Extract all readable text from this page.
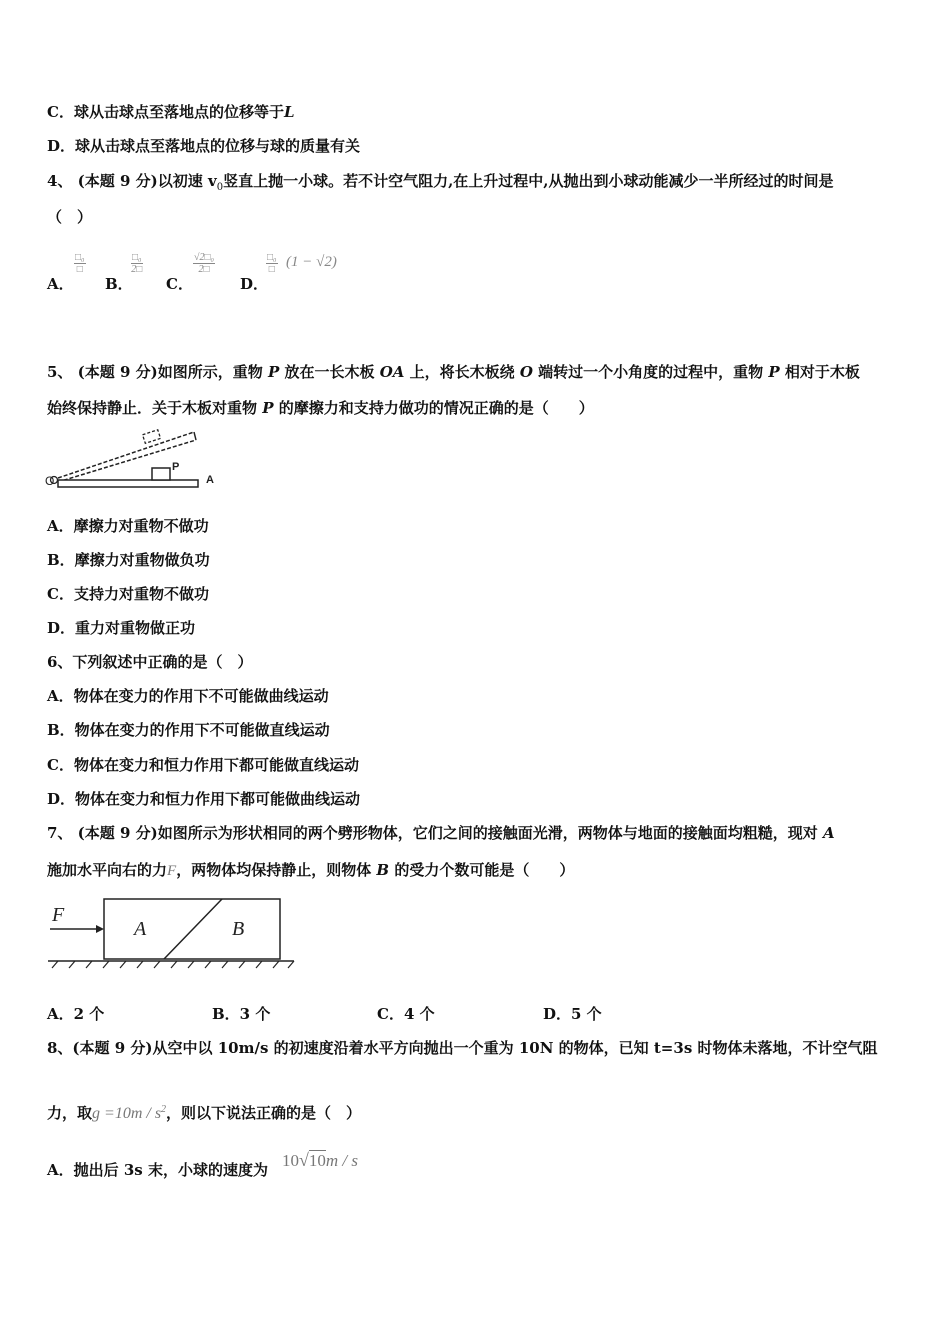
C．球从击球点至落地点的位移等于L
D．球从击球点至落地点的位移与球的质量有关
4、 (本题 9 分)以初速 $v_0$竖直上抛一小球。若不计空气阻力,在上升过程中,从抛出到小球动能减少一半所经过的时间是
（　）
A．
□₀
□
B．
□₀
2□
C．
$\frac{\text{√2□₀}}{2□}$
D．
□₀
□ (1 − √2)
5、 (本题 9 分)如图所示，重物 P 放在一长木板 OA 上，将长木板绕 O 端转过一个小角度的过程中，重物 P 相对于木板
始终保持静止．关于木板对重物 P 的摩擦力和支持力做功的情况正确的是（　　）
O
P
A
A．摩擦力对重物不做功
B．摩擦力对重物做负功
C．支持力对重物不做功
D．重力对重物做正功
6、下列叙述中正确的是（　）
A．物体在变力的作用下不可能做曲线运动
B．物体在变力的作用下不可能做直线运动
C．物体在变力和恒力作用下都可能做直线运动
D．物体在变力和恒力作用下都可能做曲线运动
7、 (本题 9 分)如图所示为形状相同的两个劈形物体，它们之间的接触面光滑，两物体与地面的接触面均粗糙，现对 A
施加水平向右的力F，两物体均保持静止，则物体 B 的受力个数可能是（　　）
F
A	B
A．2 个	B．3 个	C．4 个	D．5 个
8、(本题 9 分)从空中以 10m/s 的初速度沿着水平方向抛出一个重为 10N 的物体，已知 t=3s 时物体未落地，不计空气阻
力，取$g =10m / s^2$，则以下说法正确的是（　）
A．抛出后 3s 末，小球的速度为 10√10m / s
